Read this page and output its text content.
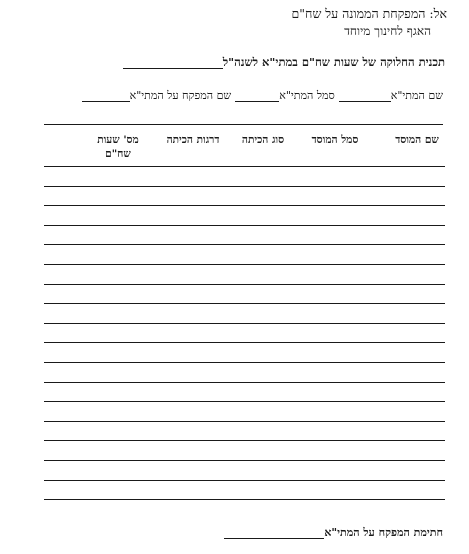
אל: המפקחת הממונה על שח"ם
האגף לחינוך מיוחד
תכנית החלוקה של שעות שח"ם במתי"א לשנה"ל
שם המתי"א
סמל המתי"א
שם המפקח על המתי"א
שם המוסד
סמל המוסד
סוג הכיתה
דרגות הכיתה
מס' שעות שח"ם
חתימת המפקח על המתי"א
